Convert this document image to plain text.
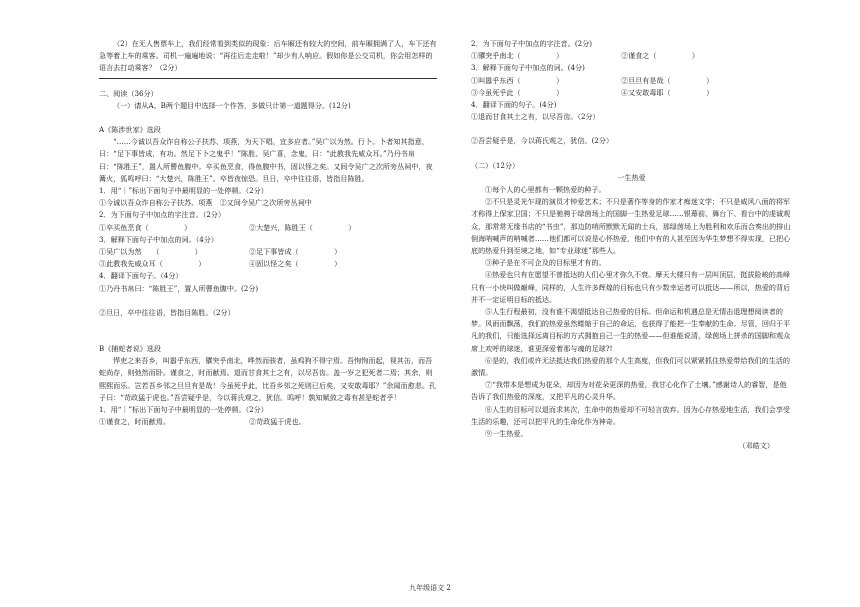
（2）在无人售票车上，我们经常看到类似的现象：后车厢还有较大的空间，前车厢拥满了人，车下还有急等着上车的乘客。司机一遍遍地说：“再往后走走啦！”却少有人响应。假如你是公交司机，你会用怎样的语言去打动乘客？（2分）

二、阅读（36分）

（一）请从A、B两个题目中选择一个作答，多做只计第一道题得分。(12分)

A《陈涉世家》选段

“……今诚以吾众诈自称公子扶苏、项燕，为天下唱，宜多应者。”吴广以为然。行卜。卜者知其指意，曰：“足下事皆成，有功。然足下卜之鬼乎！”陈胜、吴广喜，念鬼，曰：“此教我先威众耳。”乃丹书帛曰：“陈胜王”，置人所罾鱼腹中。卒买鱼烹食，得鱼腹中书，固以怪之矣。又间令吴广之次所旁丛祠中，夜篝火，狐鸣呼曰：“大楚兴，陈胜王”。卒皆夜惊恐。旦日，卒中往往语，皆指目陈胜。

1．用“｜”标出下面句子中最明显的一处停顿。（2分）

①今诚以吾众诈自称公子扶苏、项燕　②又间令吴广之次所旁丛祠中

2．为下面句子中加点的字注音。（2分）

①卒买鱼烹食（　　　　　）	②大楚兴，陈胜王（　　　　　）

3．解释下面句子中加点的词。（4分）

①吴广以为然　　（　　　　　）	②足下事皆成（　　　　　）
③此教我先威众耳（　　　　　）	④固以怪之矣（　　　　　）

4．翻译下面句子。（4分）

①乃丹书帛曰：“陈胜王”，置人所罾鱼腹中。(2分)

②旦日，卒中往往语，皆指目陈胜。（2分）

B《捕蛇者说》选段

悍吏之来吾乡，叫嚣乎东西，隳突乎南北，哗然而骇者，虽鸡狗不得宁焉。吾恂恂而起，视其缶，而吾蛇尚存，则弛然而卧。谨食之，时而献焉。退而甘食其土之有，以尽吾齿。盖一岁之犯死者二焉；其余，则熙熙而乐。岂若吾乡邻之旦旦有是哉！今虽死乎此，比吾乡邻之死则已后矣，又安敢毒耶？”余闻而愈悲。孔子曰：“苛政猛于虎也。”吾尝疑乎是，今以蒋氏观之，犹信。呜呼！孰知赋敛之毒有甚是蛇者乎！

1．用“｜”标出下面句子中最明显的一处停顿。（2分）

①谨食之，时而献焉。	②苛政猛于虎也。

2．为下面句子中加点的字注音。(2分)

①隳突乎南北（　　　　　）	②谨食之（　　　　　）

3．解释下面句子中加点的词。(4分)

①叫嚣乎东西（　　　　　）	②旦旦有是哉（　　　　　）
③今虽死乎此（　　　　　）	④又安敢毒耶（　　　　　）

4．翻译下面的句子。(4分)

①退而甘食其土之有，以尽吾齿。（2分）

②吾尝疑乎是，今以蒋氏观之，犹信。(2分）

（二）（12分）

一生热爱

①每个人的心里都有一颗热爱的种子。

②不只是灵光乍现的演员才钟爱艺术；不只是著作等身的作家才痴迷文学；不只是威风八面的将军才称得上保家卫国；不只是驰骋于绿茵场上的国脚一生热爱足球……银幕前、舞台下、看台中的虔诚观众，那常常无缘书店的“书虫”，那边防哨所默默无闻的士兵，那绿茵场上为胜利和欢乐而合奏出的排山倒海呐喊声的呐喊者……他们都可以说是心怀热爱，他们中有的人甚至因为华生梦想不得实现，已把心底的热爱升到至境之地，如“专业球迷”那些人。

③种子是在不可企及的目标里才有的。

④热爱也只有在愿望不曾抵达的人们心里才弥久不衰。摩天大楼只有一层叫顶层，挺拔险峻的高峰只有一小块叫做巅峰，同样的，人生许多辉煌的目标也只有少数幸运者可以抵达——所以，热爱的背后并不一定证明目标的抵达。

⑤人生行程最初，没有谁不渴望抵达自己热爱的目标。但命运和机遇总是无情击退理想阅读者的梦。风雨而飘荡，我们的热爱虽然蜷缩于自己的命运，也获得了能把一生奉献的生命。尽管，回归于平凡的我们，只能选择远离目标的方式拥抱自己一生的热爱——但谁能说清，绿茵场上拼杀的国脚和观众席上欢呼的球迷，谁更深爱着那与魂的足球?!

⑥是的，我们或许无法抵达我们热爱的那个人生高度，但我们可以紧紧抓住热爱带给我们的生活的激情。

⑦“我带本是想成为花朵，却因为对花朵更深的热爱，我甘心化作了土壤。”感谢诗人的睿智，是他告诉了我们热爱的深度，又把平凡的心灵升华。

⑧人生的目标可以退而求其次，生命中的热爱却不可轻言放弃。因为心存热爱地生活，我们会享受生活的乐趣，还可以把平凡的生命化作为神奇。

⑨一生热爱。

（邓皓文）

九年级语文 2
